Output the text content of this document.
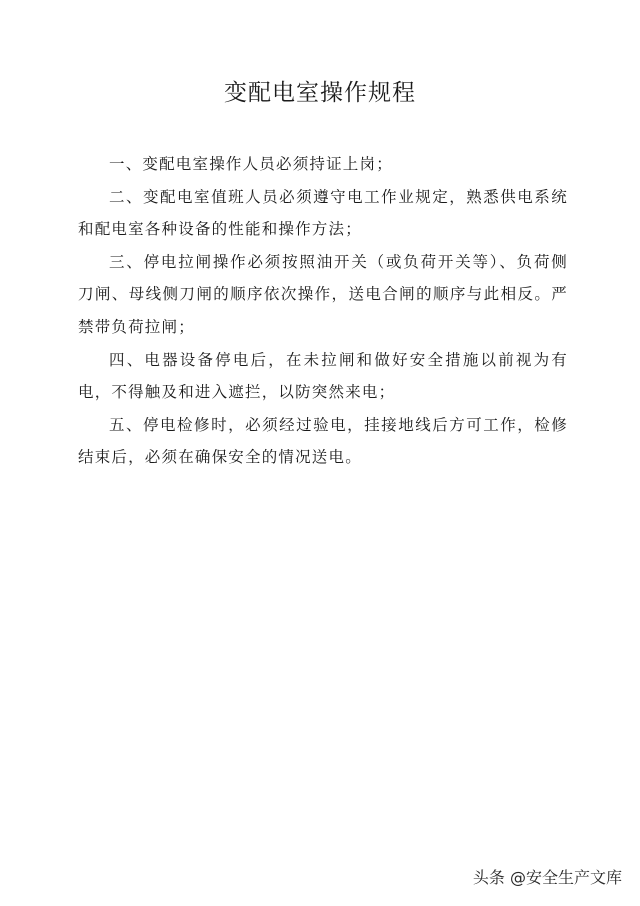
变配电室操作规程

一、变配电室操作人员必须持证上岗；

二、变配电室值班人员必须遵守电工作业规定，熟悉供电系统和配电室各种设备的性能和操作方法；

三、停电拉闸操作必须按照油开关（或负荷开关等）、负荷侧刀闸、母线侧刀闸的顺序依次操作，送电合闸的顺序与此相反。严禁带负荷拉闸；

四、电器设备停电后，在未拉闸和做好安全措施以前视为有电，不得触及和进入遮拦，以防突然来电；

五、停电检修时，必须经过验电，挂接地线后方可工作，检修结束后，必须在确保安全的情况送电。

头条 @安全生产文库
